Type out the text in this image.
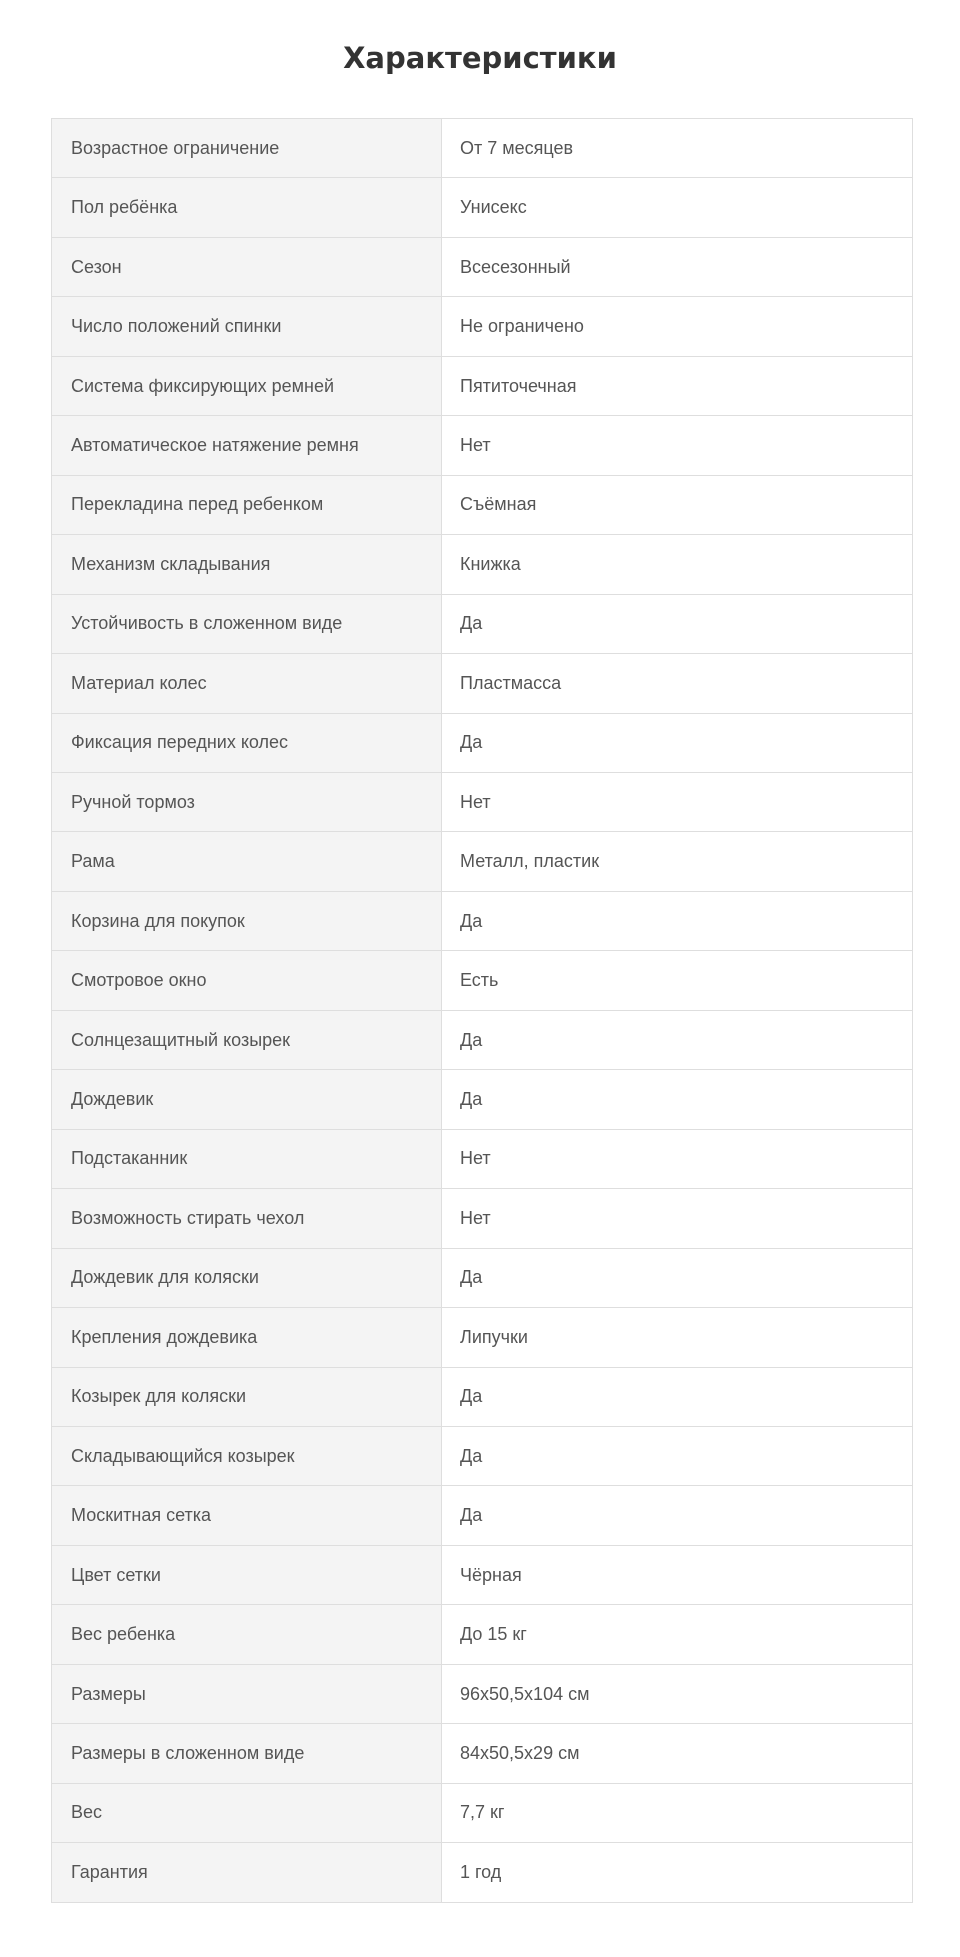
Характеристики
Возрастное ограничение	От 7 месяцев
Пол ребёнка	Унисекс
Сезон	Всесезонный
Число положений спинки	Не ограничено
Система фиксирующих ремней	Пятиточечная
Автоматическое натяжение ремня	Нет
Перекладина перед ребенком	Съёмная
Механизм складывания	Книжка
Устойчивость в сложенном виде	Да
Материал колес	Пластмасса
Фиксация передних колес	Да
Ручной тормоз	Нет
Рама	Металл, пластик
Корзина для покупок	Да
Смотровое окно	Есть
Солнцезащитный козырек	Да
Дождевик	Да
Подстаканник	Нет
Возможность стирать чехол	Нет
Дождевик для коляски	Да
Крепления дождевика	Липучки
Козырек для коляски	Да
Складывающийся козырек	Да
Москитная сетка	Да
Цвет сетки	Чёрная
Вес ребенка	До 15 кг
Размеры	96x50,5x104 см
Размеры в сложенном виде	84x50,5x29 см
Вес	7,7 кг
Гарантия	1 год
